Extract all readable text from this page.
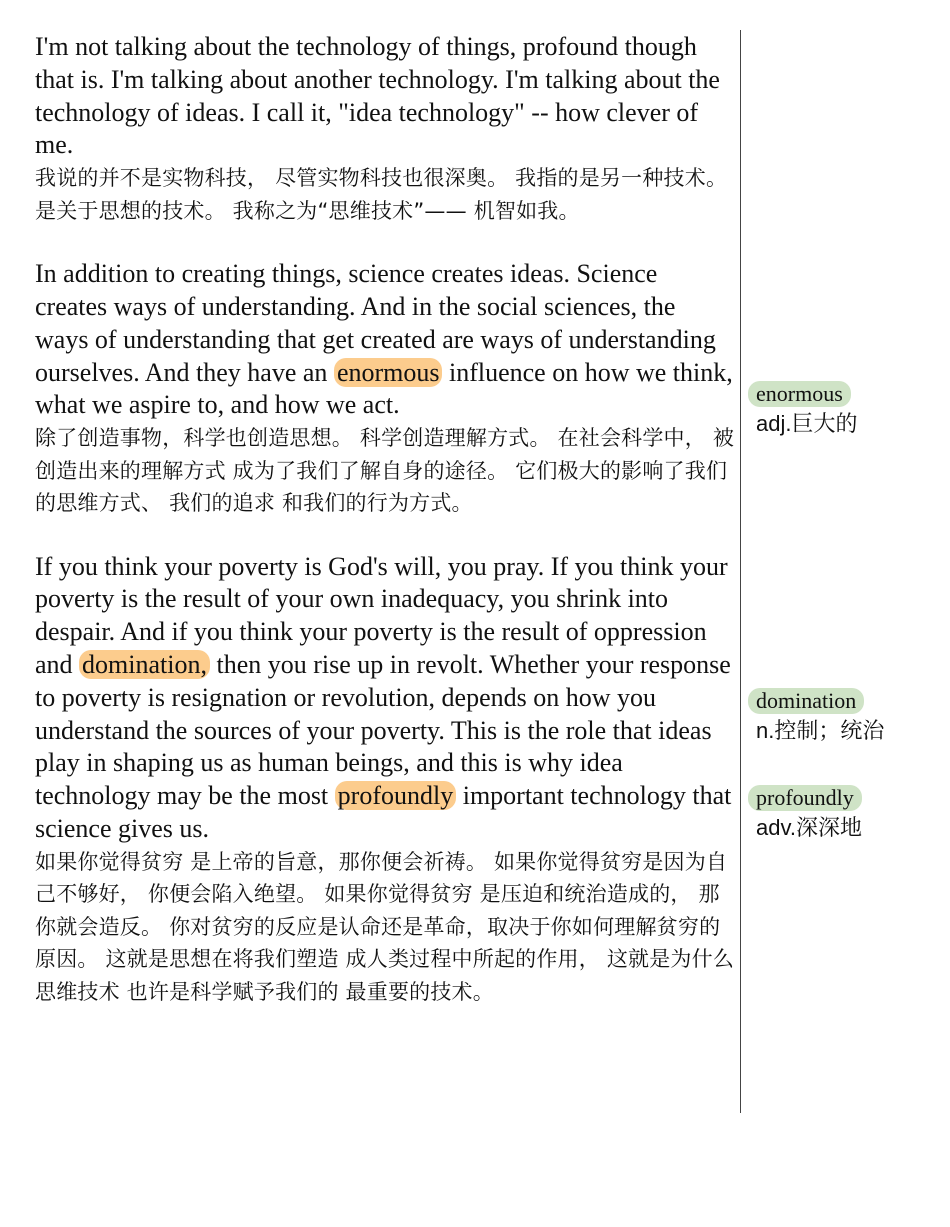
I'm not talking about the technology of things, profound though that is. I'm talking about another technology. I'm talking about the technology of ideas. I call it, "idea technology" -- how clever of me.

我说的并不是实物科技， 尽管实物科技也很深奥。 我指的是另一种技术。 是关于思想的技术。 我称之为“思维技术”—— 机智如我。

In addition to creating things, science creates ideas. Science creates ways of understanding. And in the social sciences, the ways of understanding that get created are ways of understanding ourselves. And they have an enormous influence on how we think, what we aspire to, and how we act.

除了创造事物，科学也创造思想。 科学创造理解方式。 在社会科学中， 被创造出来的理解方式 成为了我们了解自身的途径。 它们极大的影响了我们的思维方式、 我们的追求 和我们的行为方式。

If you think your poverty is God's will, you pray. If you think your poverty is the result of your own inadequacy, you shrink into despair. And if you think your poverty is the result of oppression and domination, then you rise up in revolt. Whether your response to poverty is resignation or revolution, depends on how you understand the sources of your poverty. This is the role that ideas play in shaping us as human beings, and this is why idea technology may be the most profoundly important technology that science gives us.

如果你觉得贫穷 是上帝的旨意，那你便会祈祷。 如果你觉得贫穷是因为自己不够好， 你便会陷入绝望。 如果你觉得贫穷 是压迫和统治造成的， 那你就会造反。 你对贫穷的反应是认命还是革命，取决于你如何理解贫穷的原因。 这就是思想在将我们塑造 成人类过程中所起的作用， 这就是为什么思维技术 也许是科学赋予我们的 最重要的技术。

enormous
adj.巨大的
domination
n.控制；统治
profoundly
adv.深深地
